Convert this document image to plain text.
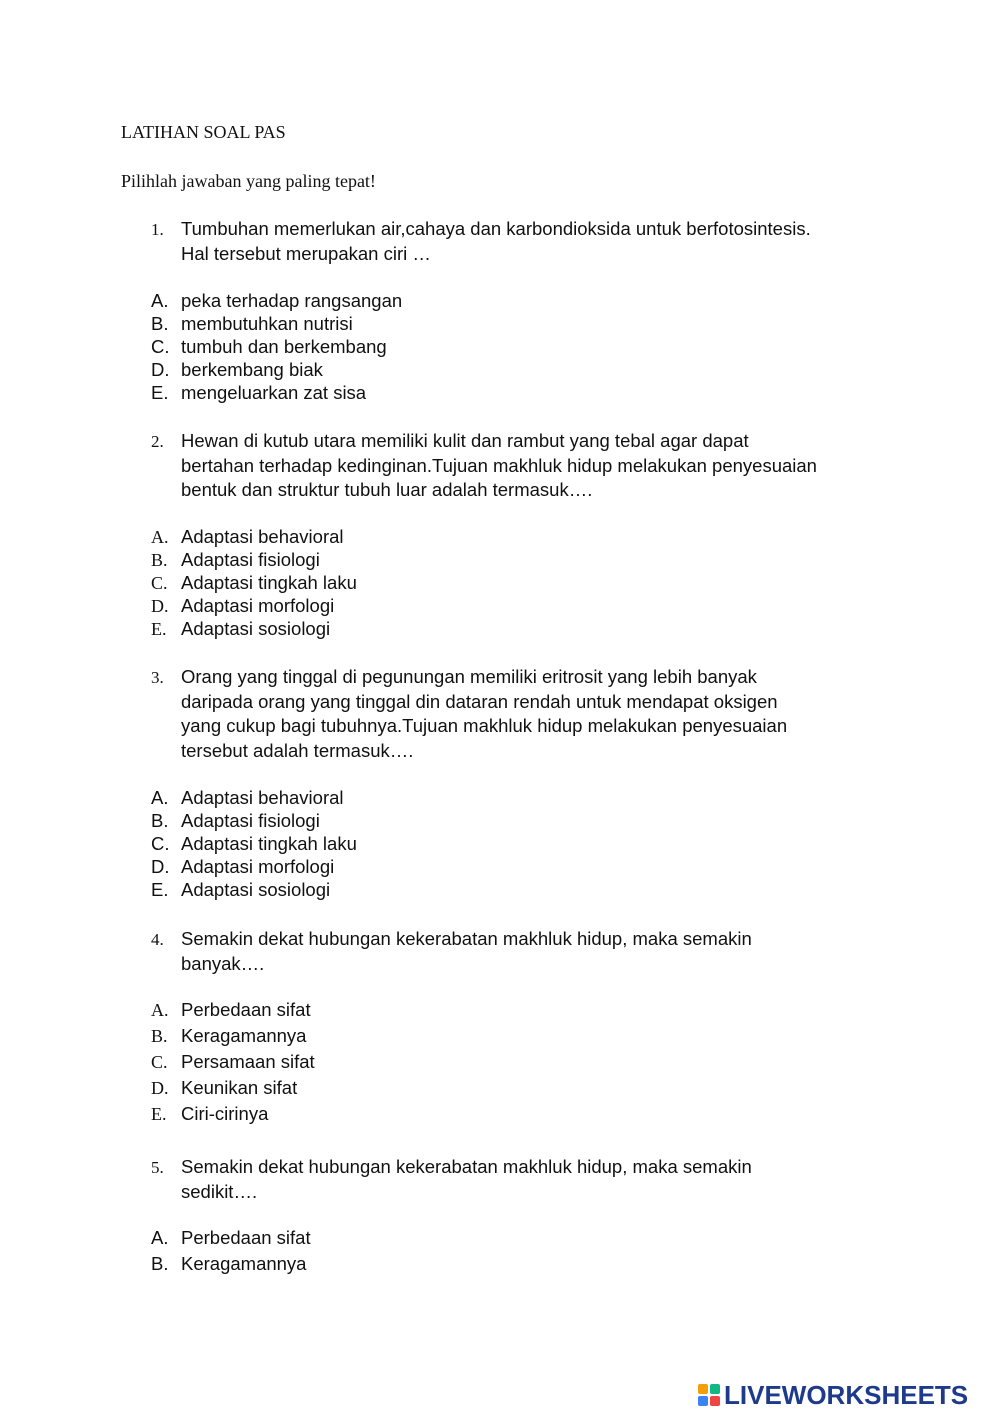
LATIHAN SOAL PAS

Pilihlah jawaban yang paling tepat!

1. Tumbuhan memerlukan air,cahaya dan karbondioksida untuk berfotosintesis.
Hal tersebut merupakan ciri …
A. peka terhadap rangsangan
B. membutuhkan nutrisi
C. tumbuh dan berkembang
D. berkembang biak
E. mengeluarkan zat sisa
2. Hewan di kutub utara memiliki kulit dan rambut yang tebal agar dapat
bertahan terhadap kedinginan.Tujuan makhluk hidup melakukan penyesuaian
bentuk dan struktur tubuh luar adalah termasuk….
A. Adaptasi behavioral
B. Adaptasi fisiologi
C. Adaptasi tingkah laku
D. Adaptasi morfologi
E. Adaptasi sosiologi
3. Orang yang tinggal di pegunungan memiliki eritrosit yang lebih banyak
daripada orang yang tinggal din dataran rendah untuk mendapat oksigen
yang cukup bagi tubuhnya.Tujuan makhluk hidup melakukan penyesuaian
tersebut adalah termasuk….
A. Adaptasi behavioral
B. Adaptasi fisiologi
C. Adaptasi tingkah laku
D. Adaptasi morfologi
E. Adaptasi sosiologi
4. Semakin dekat hubungan kekerabatan makhluk hidup, maka semakin
banyak….
A. Perbedaan sifat
B. Keragamannya
C. Persamaan sifat
D. Keunikan sifat
E. Ciri-cirinya
5. Semakin dekat hubungan kekerabatan makhluk hidup, maka semakin
sedikit….
A. Perbedaan sifat
B. Keragamannya
LIVEWORKSHEETS
